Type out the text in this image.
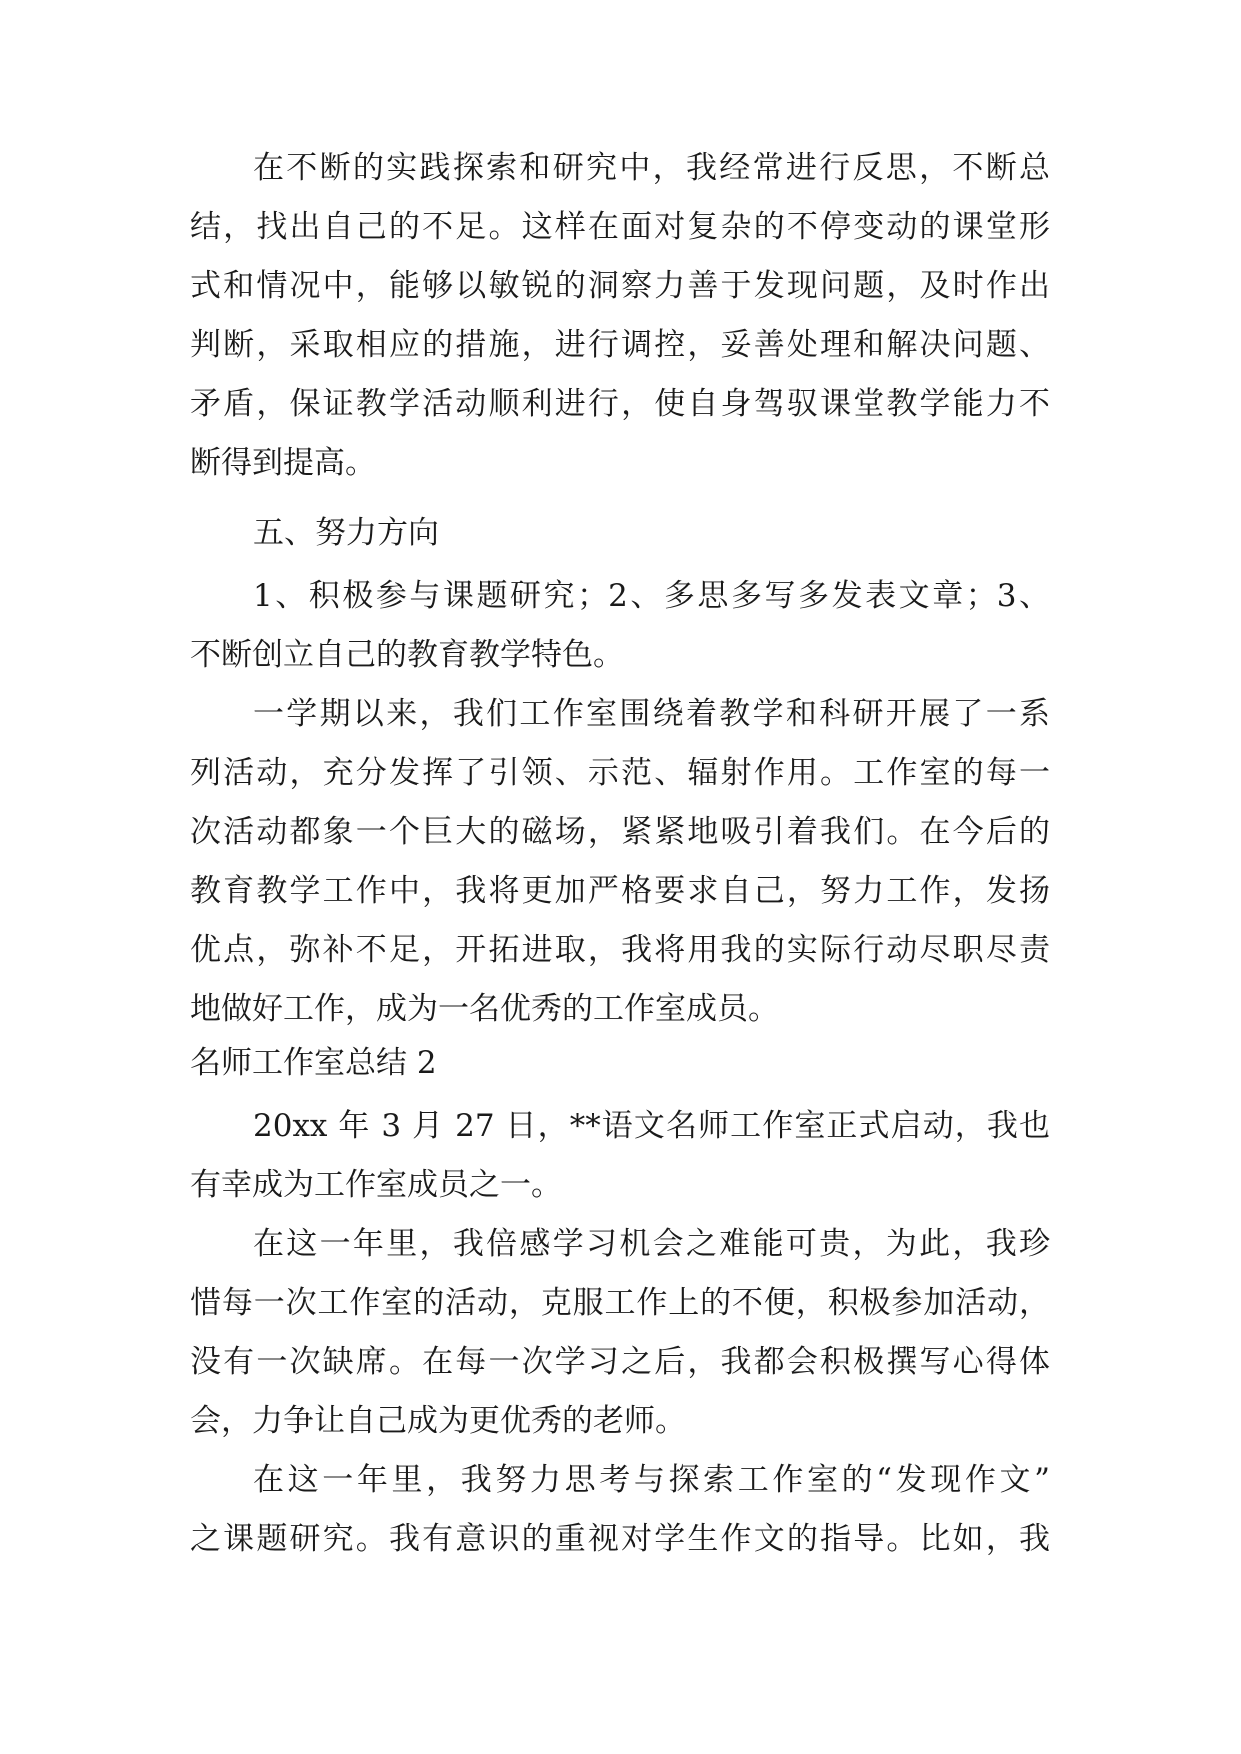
在不断的实践探索和研究中，我经常进行反思，不断总
结，找出自己的不足。这样在面对复杂的不停变动的课堂形
式和情况中，能够以敏锐的洞察力善于发现问题，及时作出
判断，采取相应的措施，进行调控，妥善处理和解决问题、
矛盾，保证教学活动顺利进行，使自身驾驭课堂教学能力不
断得到提高。
五、努力方向
1、积极参与课题研究；2、多思多写多发表文章；3、
不断创立自己的教育教学特色。
一学期以来，我们工作室围绕着教学和科研开展了一系
列活动，充分发挥了引领、示范、辐射作用。工作室的每一
次活动都象一个巨大的磁场，紧紧地吸引着我们。在今后的
教育教学工作中，我将更加严格要求自己，努力工作，发扬
优点，弥补不足，开拓进取，我将用我的实际行动尽职尽责
地做好工作，成为一名优秀的工作室成员。
名师工作室总结 2
20xx 年 3 月 27 日，**语文名师工作室正式启动，我也
有幸成为工作室成员之一。
在这一年里，我倍感学习机会之难能可贵，为此，我珍
惜每一次工作室的活动，克服工作上的不便，积极参加活动，
没有一次缺席。在每一次学习之后，我都会积极撰写心得体
会，力争让自己成为更优秀的老师。
在这一年里，我努力思考与探索工作室的“发现作文”
之课题研究。我有意识的重视对学生作文的指导。比如，我
